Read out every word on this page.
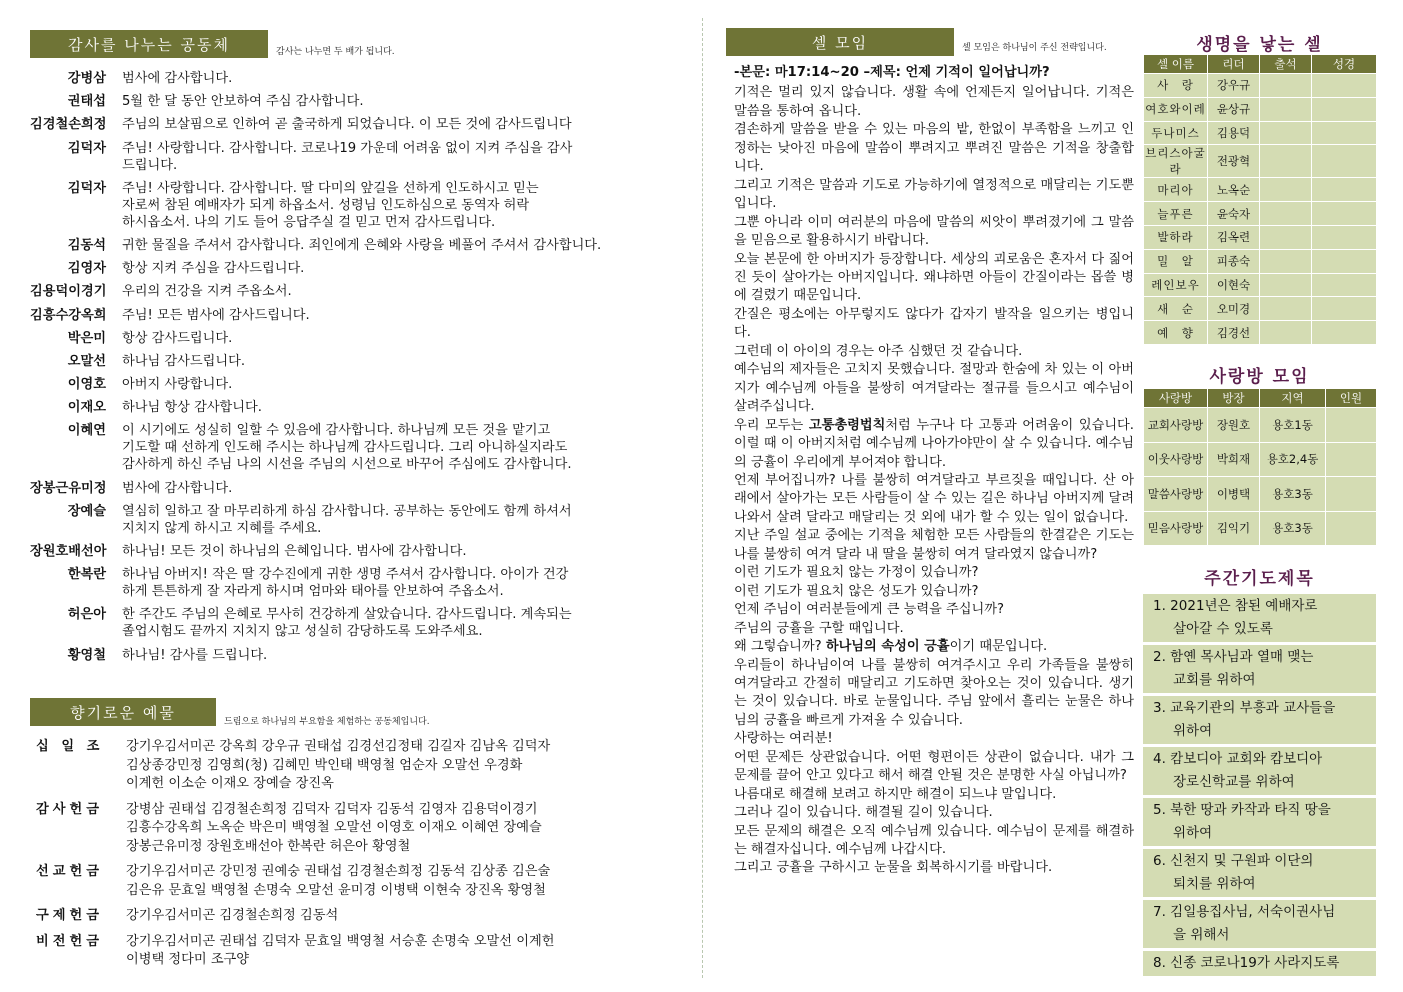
감사를 나누는 공동체	감사는 나누면 두 배가 됩니다.
강병삼	범사에 감사합니다.
권태섭	5월 한 달 동안 안보하여 주심 감사합니다.
김경철손희정	주님의 보살핌으로 인하여 곧 출국하게 되었습니다. 이 모든 것에 감사드립니다
김덕자	주님! 사랑합니다. 감사합니다. 코로나19 가운데 어려움 없이 지켜 주심을 감사
드립니다.
김덕자	주님! 사랑합니다. 감사합니다. 딸 다미의 앞길을 선하게 인도하시고 믿는
자로써 참된 예배자가 되게 하옵소서. 성령님 인도하심으로 동역자 허락
하시옵소서. 나의 기도 들어 응답주실 걸 믿고 먼저 감사드립니다.
김동석	귀한 물질을 주셔서 감사합니다. 죄인에게 은혜와 사랑을 베풀어 주셔서 감사합니다.
김영자	항상 지켜 주심을 감사드립니다.
김용덕이경기	우리의 건강을 지켜 주옵소서.
김흥수강옥희	주님! 모든 범사에 감사드립니다.
박은미	항상 감사드립니다.
오말선	하나님 감사드립니다.
이영호	아버지 사랑합니다.
이재오	하나님 항상 감사합니다.
이혜연	이 시기에도 성실히 일할 수 있음에 감사합니다. 하나님께 모든 것을 맡기고
기도할 때 선하게 인도해 주시는 하나님께 감사드립니다. 그리 아니하실지라도
감사하게 하신 주님 나의 시선을 주님의 시선으로 바꾸어 주심에도 감사합니다.
장봉근유미정	범사에 감사합니다.
장예슬	열심히 일하고 잘 마무리하게 하심 감사합니다. 공부하는 동안에도 함께 하셔서
지치지 않게 하시고 지혜를 주세요.
장원호배선아	하나님! 모든 것이 하나님의 은혜입니다. 범사에 감사합니다.
한복란	하나님 아버지! 작은 딸 강수진에게 귀한 생명 주셔서 감사합니다. 아이가 건강
하게 튼튼하게 잘 자라게 하시며 엄마와 태아를 안보하여 주옵소서.
허은아	한 주간도 주님의 은혜로 무사히 건강하게 살았습니다. 감사드립니다. 계속되는
졸업시험도 끝까지 지치지 않고 성실히 감당하도록 도와주세요.
황영철	하나님! 감사를 드립니다.
향기로운 예물
드림으로 하나님의 부요함을 체험하는 공동체입니다.
십 일 조	강기우김서미곤 강옥희 강우규 권태섭 김경선김정태 김길자 김남옥 김덕자
김상종강민정 김영희(청) 김혜민 박인태 백영철 엄순자 오말선 우경화
이계헌 이소순 이재오 장예슬 장진옥
감사헌금	강병삼 권태섭 김경철손희정 김덕자 김덕자 김동석 김영자 김용덕이경기
김흥수강옥희 노옥순 박은미 백영철 오말선 이영호 이재오 이혜연 장예슬
장봉근유미정 장원호배선아 한복란 허은아 황영철
선교헌금	강기우김서미곤 강민정 권예숭 권태섭 김경철손희정 김동석 김상종 김은술
김은유 문효일 백영철 손명숙 오말선 윤미경 이병택 이현숙 장진옥 황영철
구제헌금	강기우김서미곤 김경철손희정 김동석
비전헌금	강기우김서미곤 권태섭 김덕자 문효일 백영철 서승훈 손명숙 오말선 이계헌
이병택 정다미 조구양
셀 모임	셀 모임은 하나님이 주신 전략입니다.
-본문: 마17:14~20 –제목: 언제 기적이 일어납니까?

기적은 멀리 있지 않습니다. 생활 속에 언제든지 일어납니다. 기적은 말씀을 통하여 옵니다.

겸손하게 말씀을 받을 수 있는 마음의 밭, 한없이 부족함을 느끼고 인정하는 낮아진 마음에 말씀이 뿌려지고 뿌려진 말씀은 기적을 창출합니다.

그리고 기적은 말씀과 기도로 가능하기에 열정적으로 매달리는 기도뿐입니다.

그뿐 아니라 이미 여러분의 마음에 말씀의 씨앗이 뿌려졌기에 그 말씀을 믿음으로 활용하시기 바랍니다.

오늘 본문에 한 아버지가 등장합니다. 세상의 괴로움은 혼자서 다 짊어진 듯이 살아가는 아버지입니다. 왜냐하면 아들이 간질이라는 몹쓸 병에 걸렸기 때문입니다.

간질은 평소에는 아무렇지도 않다가 갑자기 발작을 일으키는 병입니다.

그런데 이 아이의 경우는 아주 심했던 것 같습니다.

예수님의 제자들은 고치지 못했습니다. 절망과 한숨에 차 있는 이 아버지가 예수님께 아들을 불쌍히 여겨달라는 절규를 들으시고 예수님이 살려주십니다.

우리 모두는 고통총령법칙처럼 누구나 다 고통과 어려움이 있습니다. 이럴 때 이 아버지처럼 예수님께 나아가야만이 살 수 있습니다. 예수님의 긍휼이 우리에게 부어져야 합니다.

언제 부어집니까? 나를 불쌍히 여겨달라고 부르짖을 때입니다. 산 아래에서 살아가는 모든 사람들이 살 수 있는 길은 하나님 아버지께 달려 나와서 살려 달라고 매달리는 것 외에 내가 할 수 있는 일이 없습니다.

지난 주일 설교 중에는 기적을 체험한 모든 사람들의 한결같은 기도는 나를 불쌍히 여겨 달라 내 딸을 불쌍히 여겨 달라였지 않습니까?

이런 기도가 필요치 않는 가정이 있습니까?

이런 기도가 필요치 않은 성도가 있습니까?

언제 주님이 여러분들에게 큰 능력을 주십니까?

주님의 긍휼을 구할 때입니다.

왜 그렇습니까? 하나님의 속성이 긍휼이기 때문입니다.

우리들이 하나님이여 나를 불쌍히 여겨주시고 우리 가족들을 불쌍히 여겨달라고 간절히 매달리고 기도하면 찾아오는 것이 있습니다. 생기는 것이 있습니다. 바로 눈물입니다. 주님 앞에서 흘리는 눈물은 하나님의 긍휼을 빠르게 가져올 수 있습니다.

사랑하는 여러분!

어떤 문제든 상관없습니다. 어떤 형편이든 상관이 없습니다. 내가 그 문제를 끌어 안고 있다고 해서 해결 안될 것은 분명한 사실 아닙니까?

나름대로 해결해 보려고 하지만 해결이 되느냐 말입니다.

그러나 길이 있습니다. 해결될 길이 있습니다.

모든 문제의 해결은 오직 예수님께 있습니다. 예수님이 문제를 해결하는 해결자십니다. 예수님께 나갑시다.

그리고 긍휼을 구하시고 눈물을 회복하시기를 바랍니다.

생명을 낳는 셀
셀 이름	리더	출석	성경
사　랑	강우규		
여호와이레	윤상규		
두나미스	김용덕		
브리스아굴라	전광혁		
마리아	노옥순		
늘푸른	윤숙자		
발하라	김옥련		
밀　알	피종숙		
레인보우	이현숙		
새　순	오미경		
예　향	김경선		
사랑방 모임
사랑방	방장	지역	인원
교회사랑방	장원호	용호1동	
이웃사랑방	박희재	용호2,4동	
말씀사랑방	이병택	용호3동	
믿음사랑방	김익기	용호3동	
주간기도제목
1. 2021년은 참된 예배자로
살아갈 수 있도록
2. 함옌 목사님과 열매 맺는
교회를 위하여
3. 교육기관의 부흥과 교사들을
위하여
4. 캄보디아 교회와 캄보디아
장로신학교를 위하여
5. 북한 땅과 카작과 타직 땅을
위하여
6. 신천지 및 구원파 이단의
퇴치를 위하여
7. 김일용집사님, 서숙이권사님
을 위해서
8. 신종 코로나19가 사라지도록
